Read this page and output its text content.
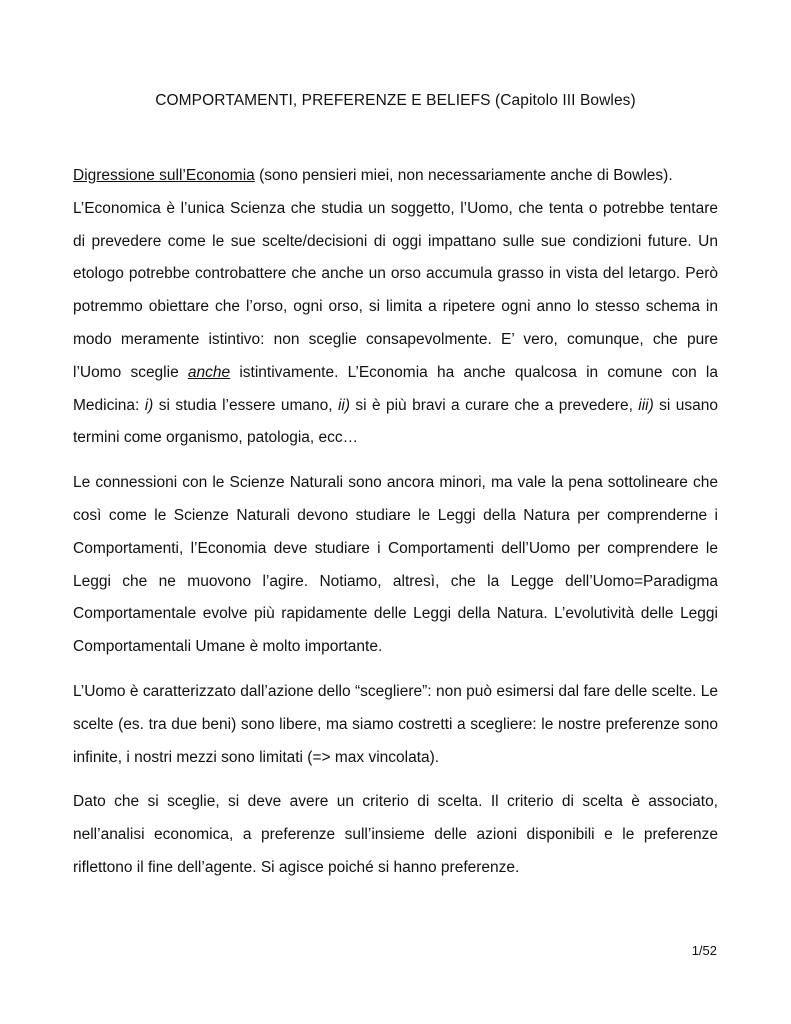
COMPORTAMENTI, PREFERENZE E BELIEFS (Capitolo III Bowles)

Digressione sull’Economia (sono pensieri miei, non necessariamente anche di Bowles).
L’Economica è l’unica Scienza che studia un soggetto, l’Uomo, che tenta o potrebbe tentare di prevedere come le sue scelte/decisioni di oggi impattano sulle sue condizioni future. Un etologo potrebbe controbattere che anche un orso accumula grasso in vista del letargo. Però potremmo obiettare che l’orso, ogni orso, si limita a ripetere ogni anno lo stesso schema in modo meramente istintivo: non sceglie consapevolmente. E’ vero, comunque, che pure l’Uomo sceglie anche istintivamente. L’Economia ha anche qualcosa in comune con la Medicina: i) si studia l’essere umano, ii) si è più bravi a curare che a prevedere, iii) si usano termini come organismo, patologia, ecc…

Le connessioni con le Scienze Naturali sono ancora minori, ma vale la pena sottolineare che così come le Scienze Naturali devono studiare le Leggi della Natura per comprenderne i Comportamenti, l’Economia deve studiare i Comportamenti dell’Uomo per comprendere le Leggi che ne muovono l’agire. Notiamo, altresì, che la Legge dell’Uomo=Paradigma Comportamentale evolve più rapidamente delle Leggi della Natura. L’evolutività delle Leggi Comportamentali Umane è molto importante.

L’Uomo è caratterizzato dall’azione dello “scegliere”: non può esimersi dal fare delle scelte. Le scelte (es. tra due beni) sono libere, ma siamo costretti a scegliere: le nostre preferenze sono infinite, i nostri mezzi sono limitati (=> max vincolata).

Dato che si sceglie, si deve avere un criterio di scelta. Il criterio di scelta è associato, nell’analisi economica, a preferenze sull’insieme delle azioni disponibili e le preferenze riflettono il fine dell’agente. Si agisce poiché si hanno preferenze.

1/52
